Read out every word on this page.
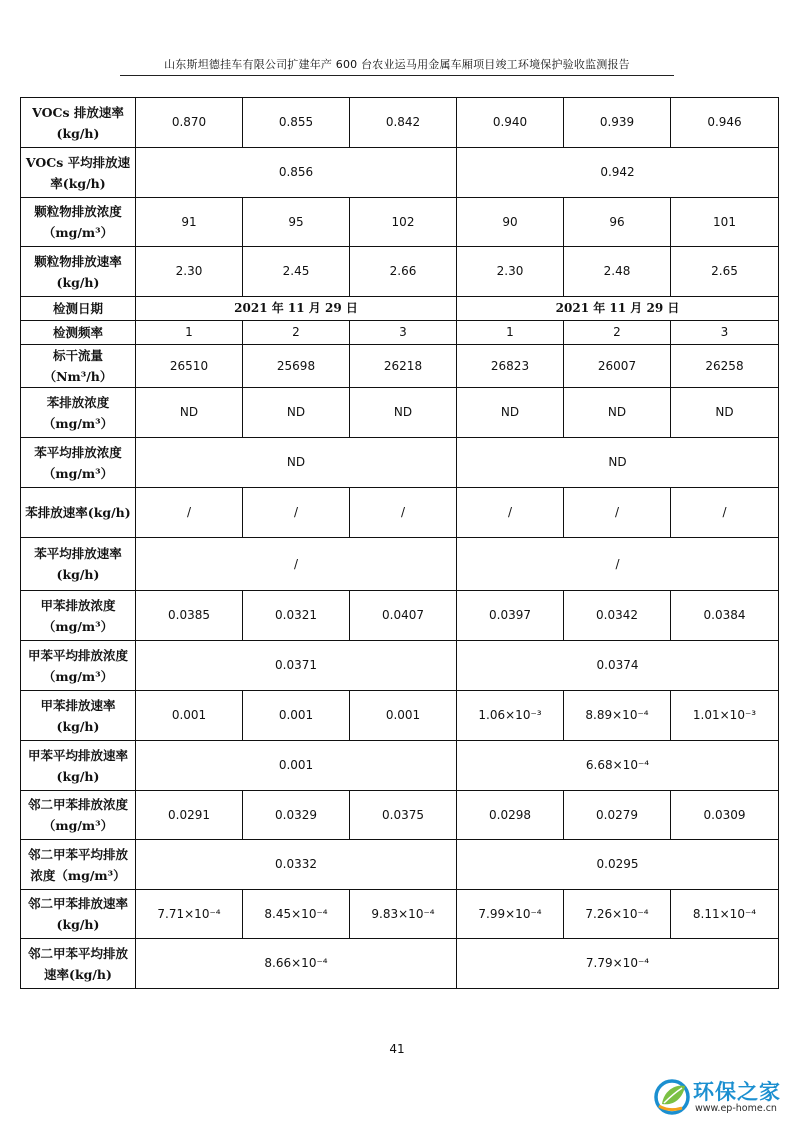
山东斯坦德挂车有限公司扩建年产 600 台农业运马用金属车厢项目竣工环境保护验收监测报告
VOCs 排放速率(kg/h)	0.870	0.855	0.842	0.940	0.939	0.946
VOCs 平均排放速率(kg/h)	0.856			0.942		
颗粒物排放浓度（mg/m³）	91	95	102	90	96	101
颗粒物排放速率(kg/h)	2.30	2.45	2.66	2.30	2.48	2.65
检测日期	2021 年 11 月 29 日			2021 年 11 月 29 日		
检测频率	1	2	3	1	2	3
标干流量（Nm³/h）	26510	25698	26218	26823	26007	26258
苯排放浓度（mg/m³）	ND	ND	ND	ND	ND	ND
苯平均排放浓度（mg/m³）	ND			ND		
苯排放速率(kg/h)	/	/	/	/	/	/
苯平均排放速率(kg/h)	/			/		
甲苯排放浓度（mg/m³）	0.0385	0.0321	0.0407	0.0397	0.0342	0.0384
甲苯平均排放浓度（mg/m³）	0.0371			0.0374		
甲苯排放速率(kg/h)	0.001	0.001	0.001	1.06×10⁻³	8.89×10⁻⁴	1.01×10⁻³
甲苯平均排放速率(kg/h)	0.001			6.68×10⁻⁴		
邻二甲苯排放浓度（mg/m³）	0.0291	0.0329	0.0375	0.0298	0.0279	0.0309
邻二甲苯平均排放浓度（mg/m³）	0.0332			0.0295		
邻二甲苯排放速率(kg/h)	7.71×10⁻⁴	8.45×10⁻⁴	9.83×10⁻⁴	7.99×10⁻⁴	7.26×10⁻⁴	8.11×10⁻⁴
邻二甲苯平均排放速率(kg/h)	8.66×10⁻⁴			7.79×10⁻⁴		
41
环保之家
www.ep-home.cn
